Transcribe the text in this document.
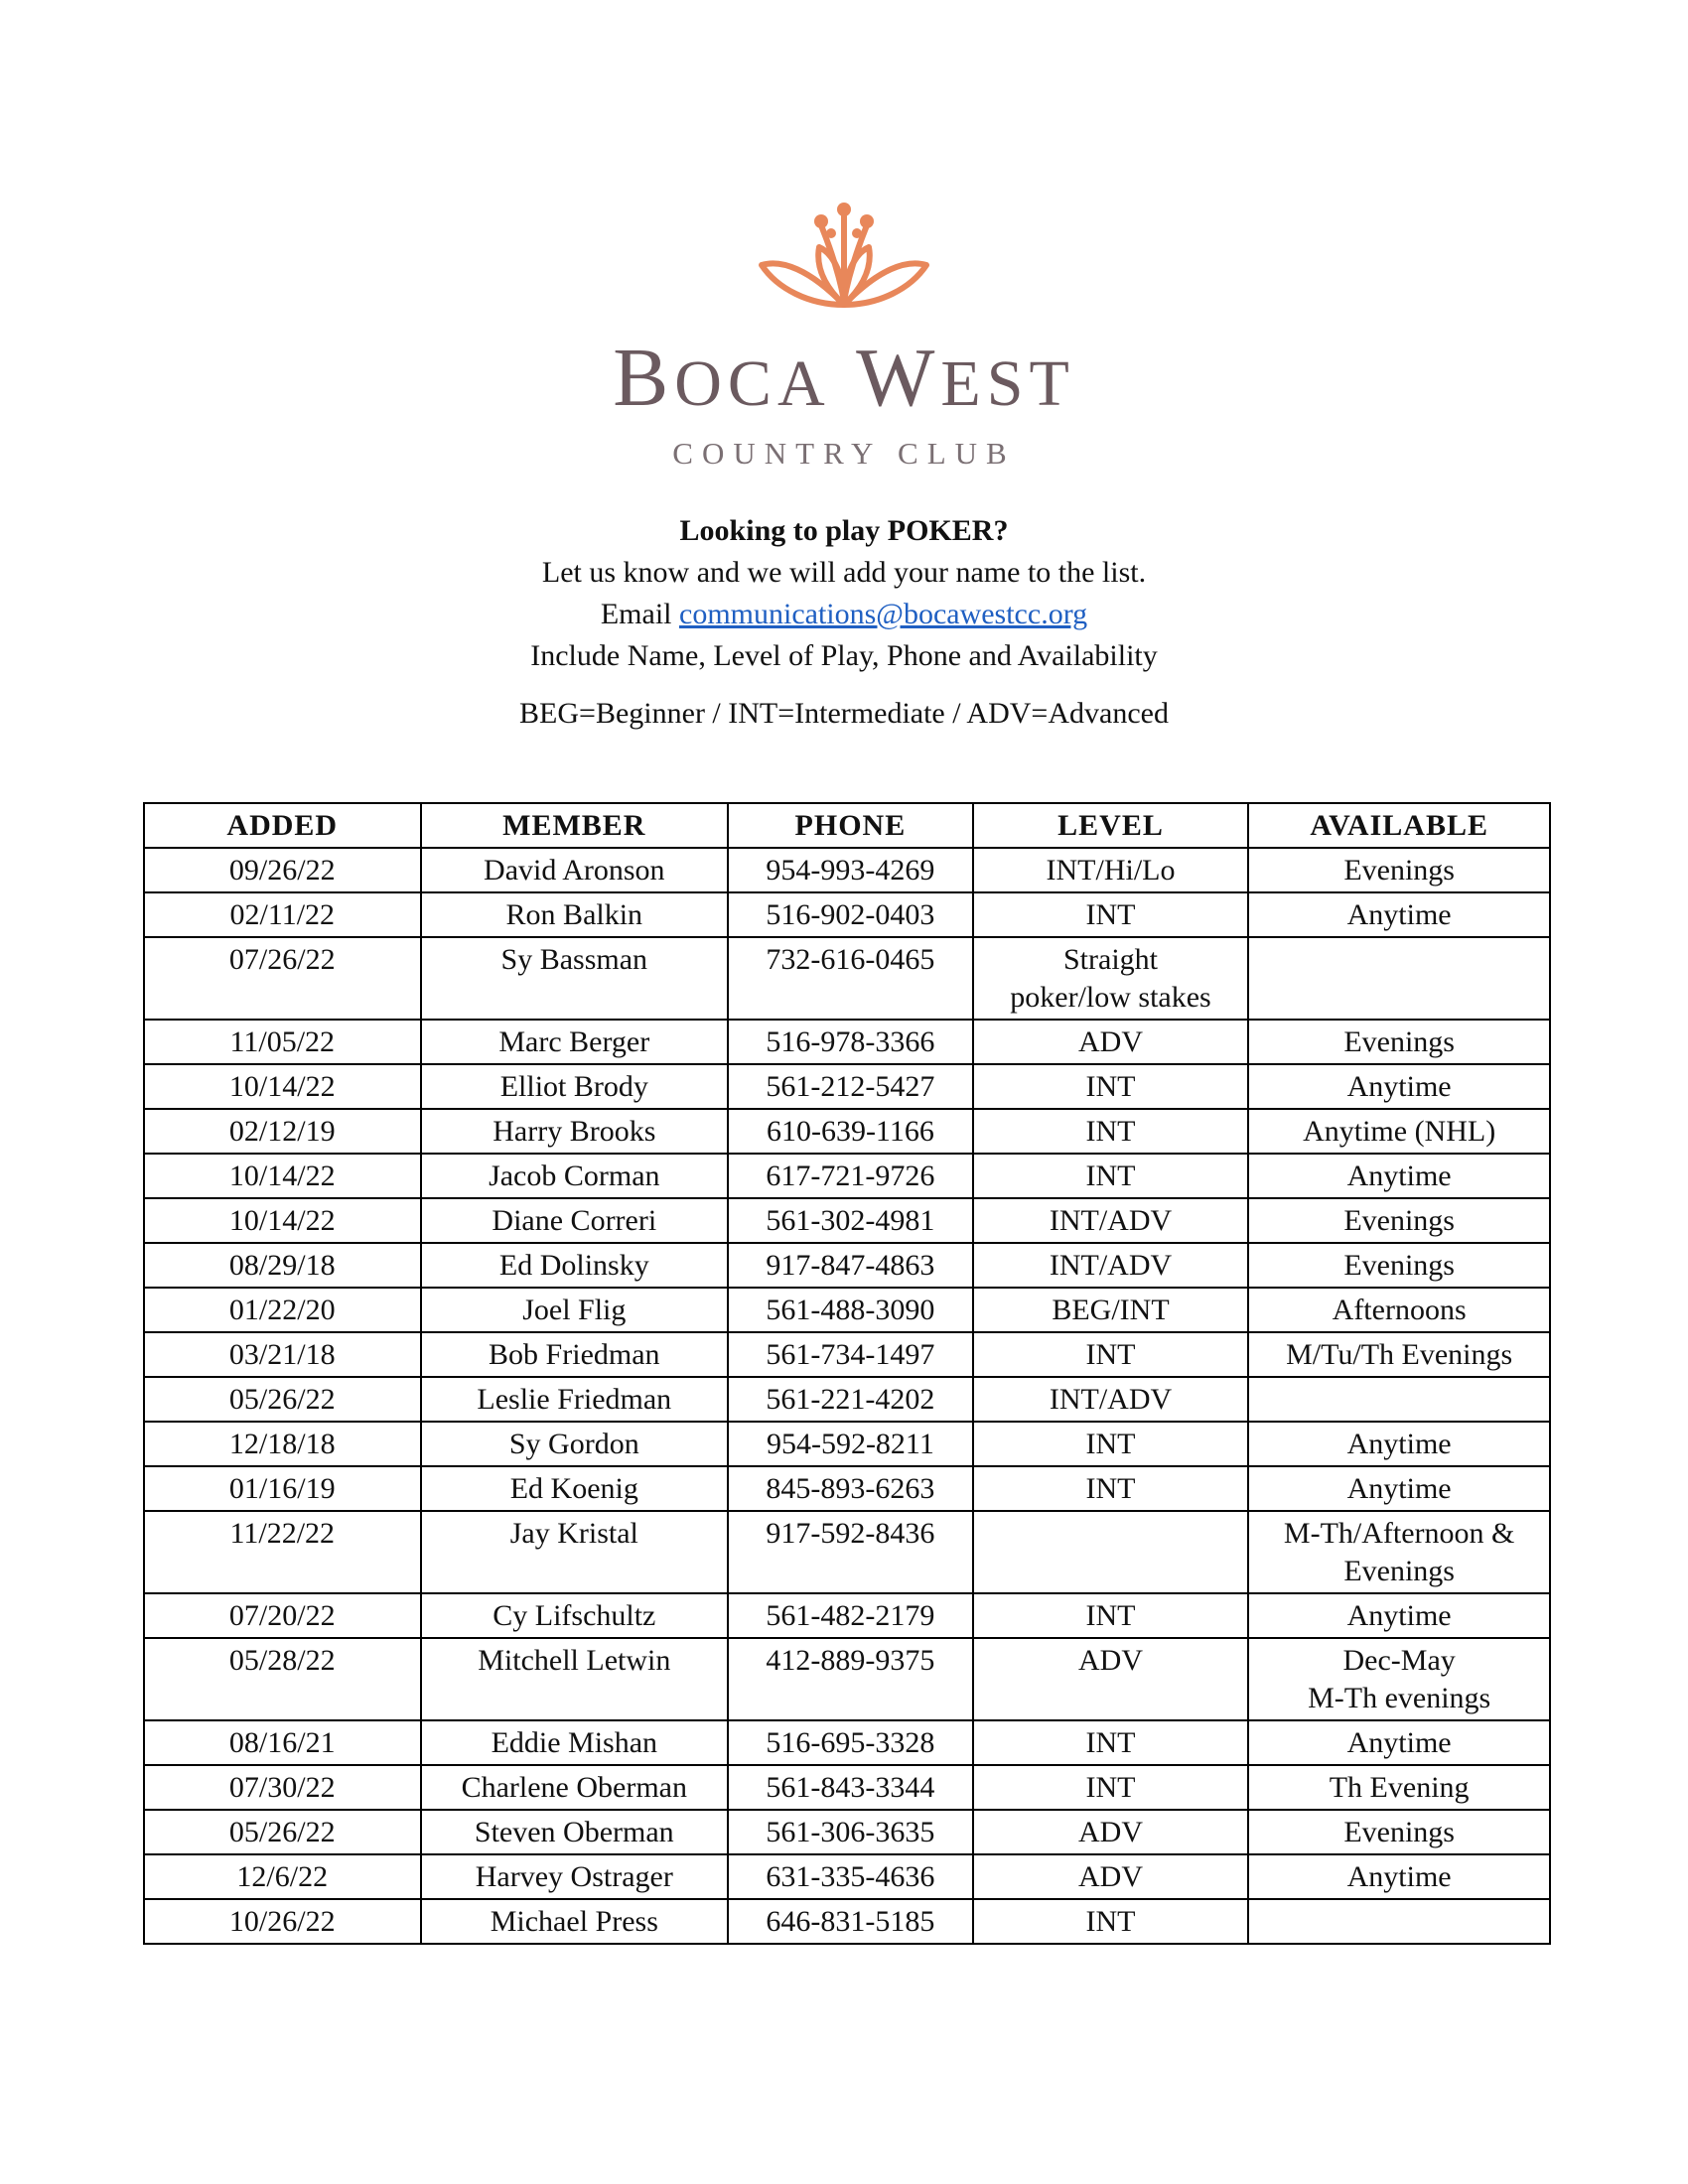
BOCA WEST
COUNTRY CLUB
Looking to play POKER?
Let us know and we will add your name to the list.
Email communications@bocawestcc.org
Include Name, Level of Play, Phone and Availability
BEG=Beginner / INT=Intermediate / ADV=Advanced
ADDED	MEMBER	PHONE	LEVEL	AVAILABLE
09/26/22	David Aronson	954-993-4269	INT/Hi/Lo	Evenings
02/11/22	Ron Balkin	516-902-0403	INT	Anytime
07/26/22	Sy Bassman	732-616-0465	Straight
poker/low stakes	
11/05/22	Marc Berger	516-978-3366	ADV	Evenings
10/14/22	Elliot Brody	561-212-5427	INT	Anytime
02/12/19	Harry Brooks	610-639-1166	INT	Anytime (NHL)
10/14/22	Jacob Corman	617-721-9726	INT	Anytime
10/14/22	Diane Correri	561-302-4981	INT/ADV	Evenings
08/29/18	Ed Dolinsky	917-847-4863	INT/ADV	Evenings
01/22/20	Joel Flig	561-488-3090	BEG/INT	Afternoons
03/21/18	Bob Friedman	561-734-1497	INT	M/Tu/Th Evenings
05/26/22	Leslie Friedman	561-221-4202	INT/ADV	
12/18/18	Sy Gordon	954-592-8211	INT	Anytime
01/16/19	Ed Koenig	845-893-6263	INT	Anytime
11/22/22	Jay Kristal	917-592-8436		M-Th/Afternoon &
Evenings
07/20/22	Cy Lifschultz	561-482-2179	INT	Anytime
05/28/22	Mitchell Letwin	412-889-9375	ADV	Dec-May
M-Th evenings
08/16/21	Eddie Mishan	516-695-3328	INT	Anytime
07/30/22	Charlene Oberman	561-843-3344	INT	Th Evening
05/26/22	Steven Oberman	561-306-3635	ADV	Evenings
12/6/22	Harvey Ostrager	631-335-4636	ADV	Anytime
10/26/22	Michael Press	646-831-5185	INT	
